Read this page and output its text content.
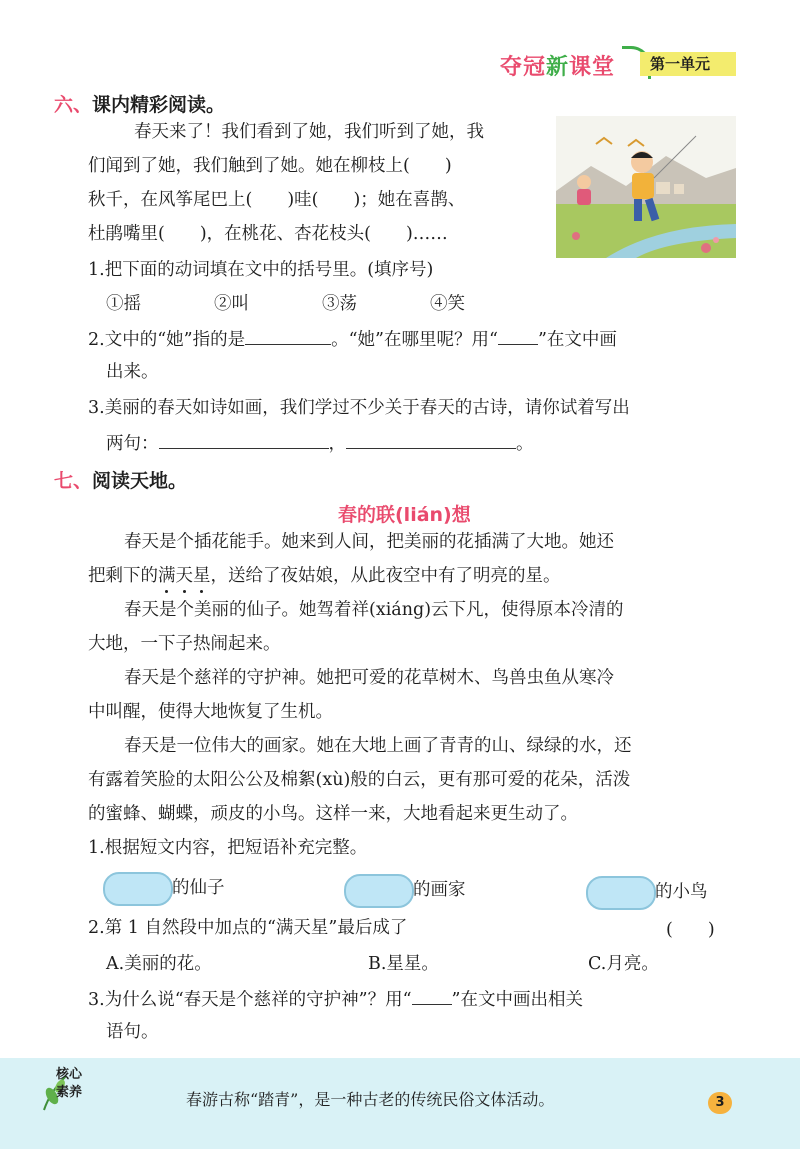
夺冠新课堂	第一单元
六、课内精彩阅读。
春天来了！我们看到了她，我们听到了她，我
们闻到了她，我们触到了她。她在柳枝上(　　)
秋千，在风筝尾巴上(　　)哇(　　)；她在喜鹊、
杜鹃嘴里(　　)，在桃花、杏花枝头(　　)……
1.把下面的动词填在文中的括号里。(填序号)
①摇	②叫	③荡	④笑
2.文中的“她”指的是	。“她”在哪里呢？用“ ”在文中画
出来。
3.美丽的春天如诗如画，我们学过不少关于春天的古诗，请你试着写出
两句：	，	。
七、阅读天地。
春的联(lián)想
春天是个插花能手。她来到人间，把美丽的花插满了大地。她还
把剩下的满天星，送给了夜姑娘，从此夜空中有了明亮的星。
春天是个美丽的仙子。她驾着祥(xiáng)云下凡，使得原本冷清的
大地，一下子热闹起来。
春天是个慈祥的守护神。她把可爱的花草树木、鸟兽虫鱼从寒冷
中叫醒，使得大地恢复了生机。
春天是一位伟大的画家。她在大地上画了青青的山、绿绿的水，还
有露着笑脸的太阳公公及棉絮(xù)般的白云，更有那可爱的花朵，活泼
的蜜蜂、蝴蝶，顽皮的小鸟。这样一来，大地看起来更生动了。
1.根据短文内容，把短语补充完整。
的仙子	的画家	的小鸟
2.第 1 自然段中加点的“满天星”最后成了	(　　)
A.美丽的花。	B.星星。	C.月亮。
3.为什么说“春天是个慈祥的守护神”？用“ ”在文中画出相关
语句。
核心
素养	春游古称“踏青”，是一种古老的传统民俗文体活动。	3
